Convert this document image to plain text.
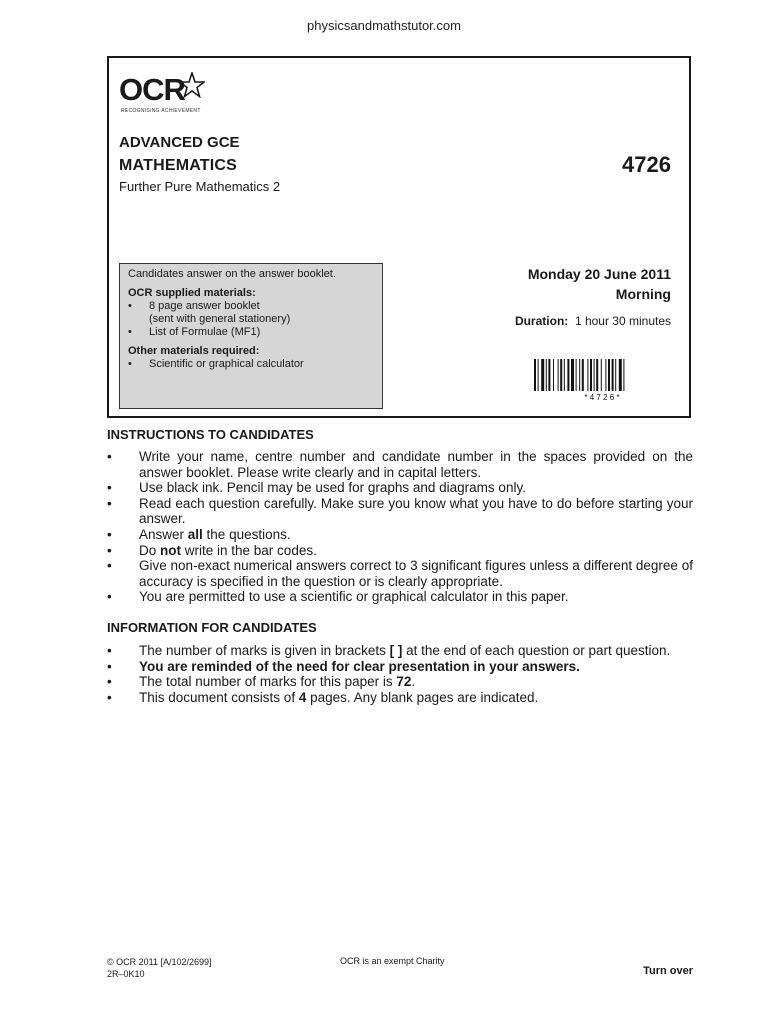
physicsandmathstutor.com
OCR
RECOGNISING ACHIEVEMENT
ADVANCED GCE
MATHEMATICS
Further Pure Mathematics 2
4726
Candidates answer on the answer booklet.
OCR supplied materials:
•	8 page answer booklet
(sent with general stationery)
•	List of Formulae (MF1)
Other materials required:
•	Scientific or graphical calculator
Monday 20 June 2011
Morning
Duration: 1 hour 30 minutes
* 4 7 2 6 *
INSTRUCTIONS TO CANDIDATES
•	Write your name, centre number and candidate number in the spaces provided on the answer booklet. Please write clearly and in capital letters.
•	Use black ink. Pencil may be used for graphs and diagrams only.
•	Read each question carefully. Make sure you know what you have to do before starting your answer.
•	Answer all the questions.
•	Do not write in the bar codes.
•	Give non-exact numerical answers correct to 3 significant figures unless a different degree of accuracy is specified in the question or is clearly appropriate.
•	You are permitted to use a scientific or graphical calculator in this paper.
INFORMATION FOR CANDIDATES
•	The number of marks is given in brackets [ ] at the end of each question or part question.
•	You are reminded of the need for clear presentation in your answers.
•	The total number of marks for this paper is 72.
•	This document consists of 4 pages. Any blank pages are indicated.
© OCR 2011 [A/102/2699]
2R–0K10
OCR is an exempt Charity
Turn over
